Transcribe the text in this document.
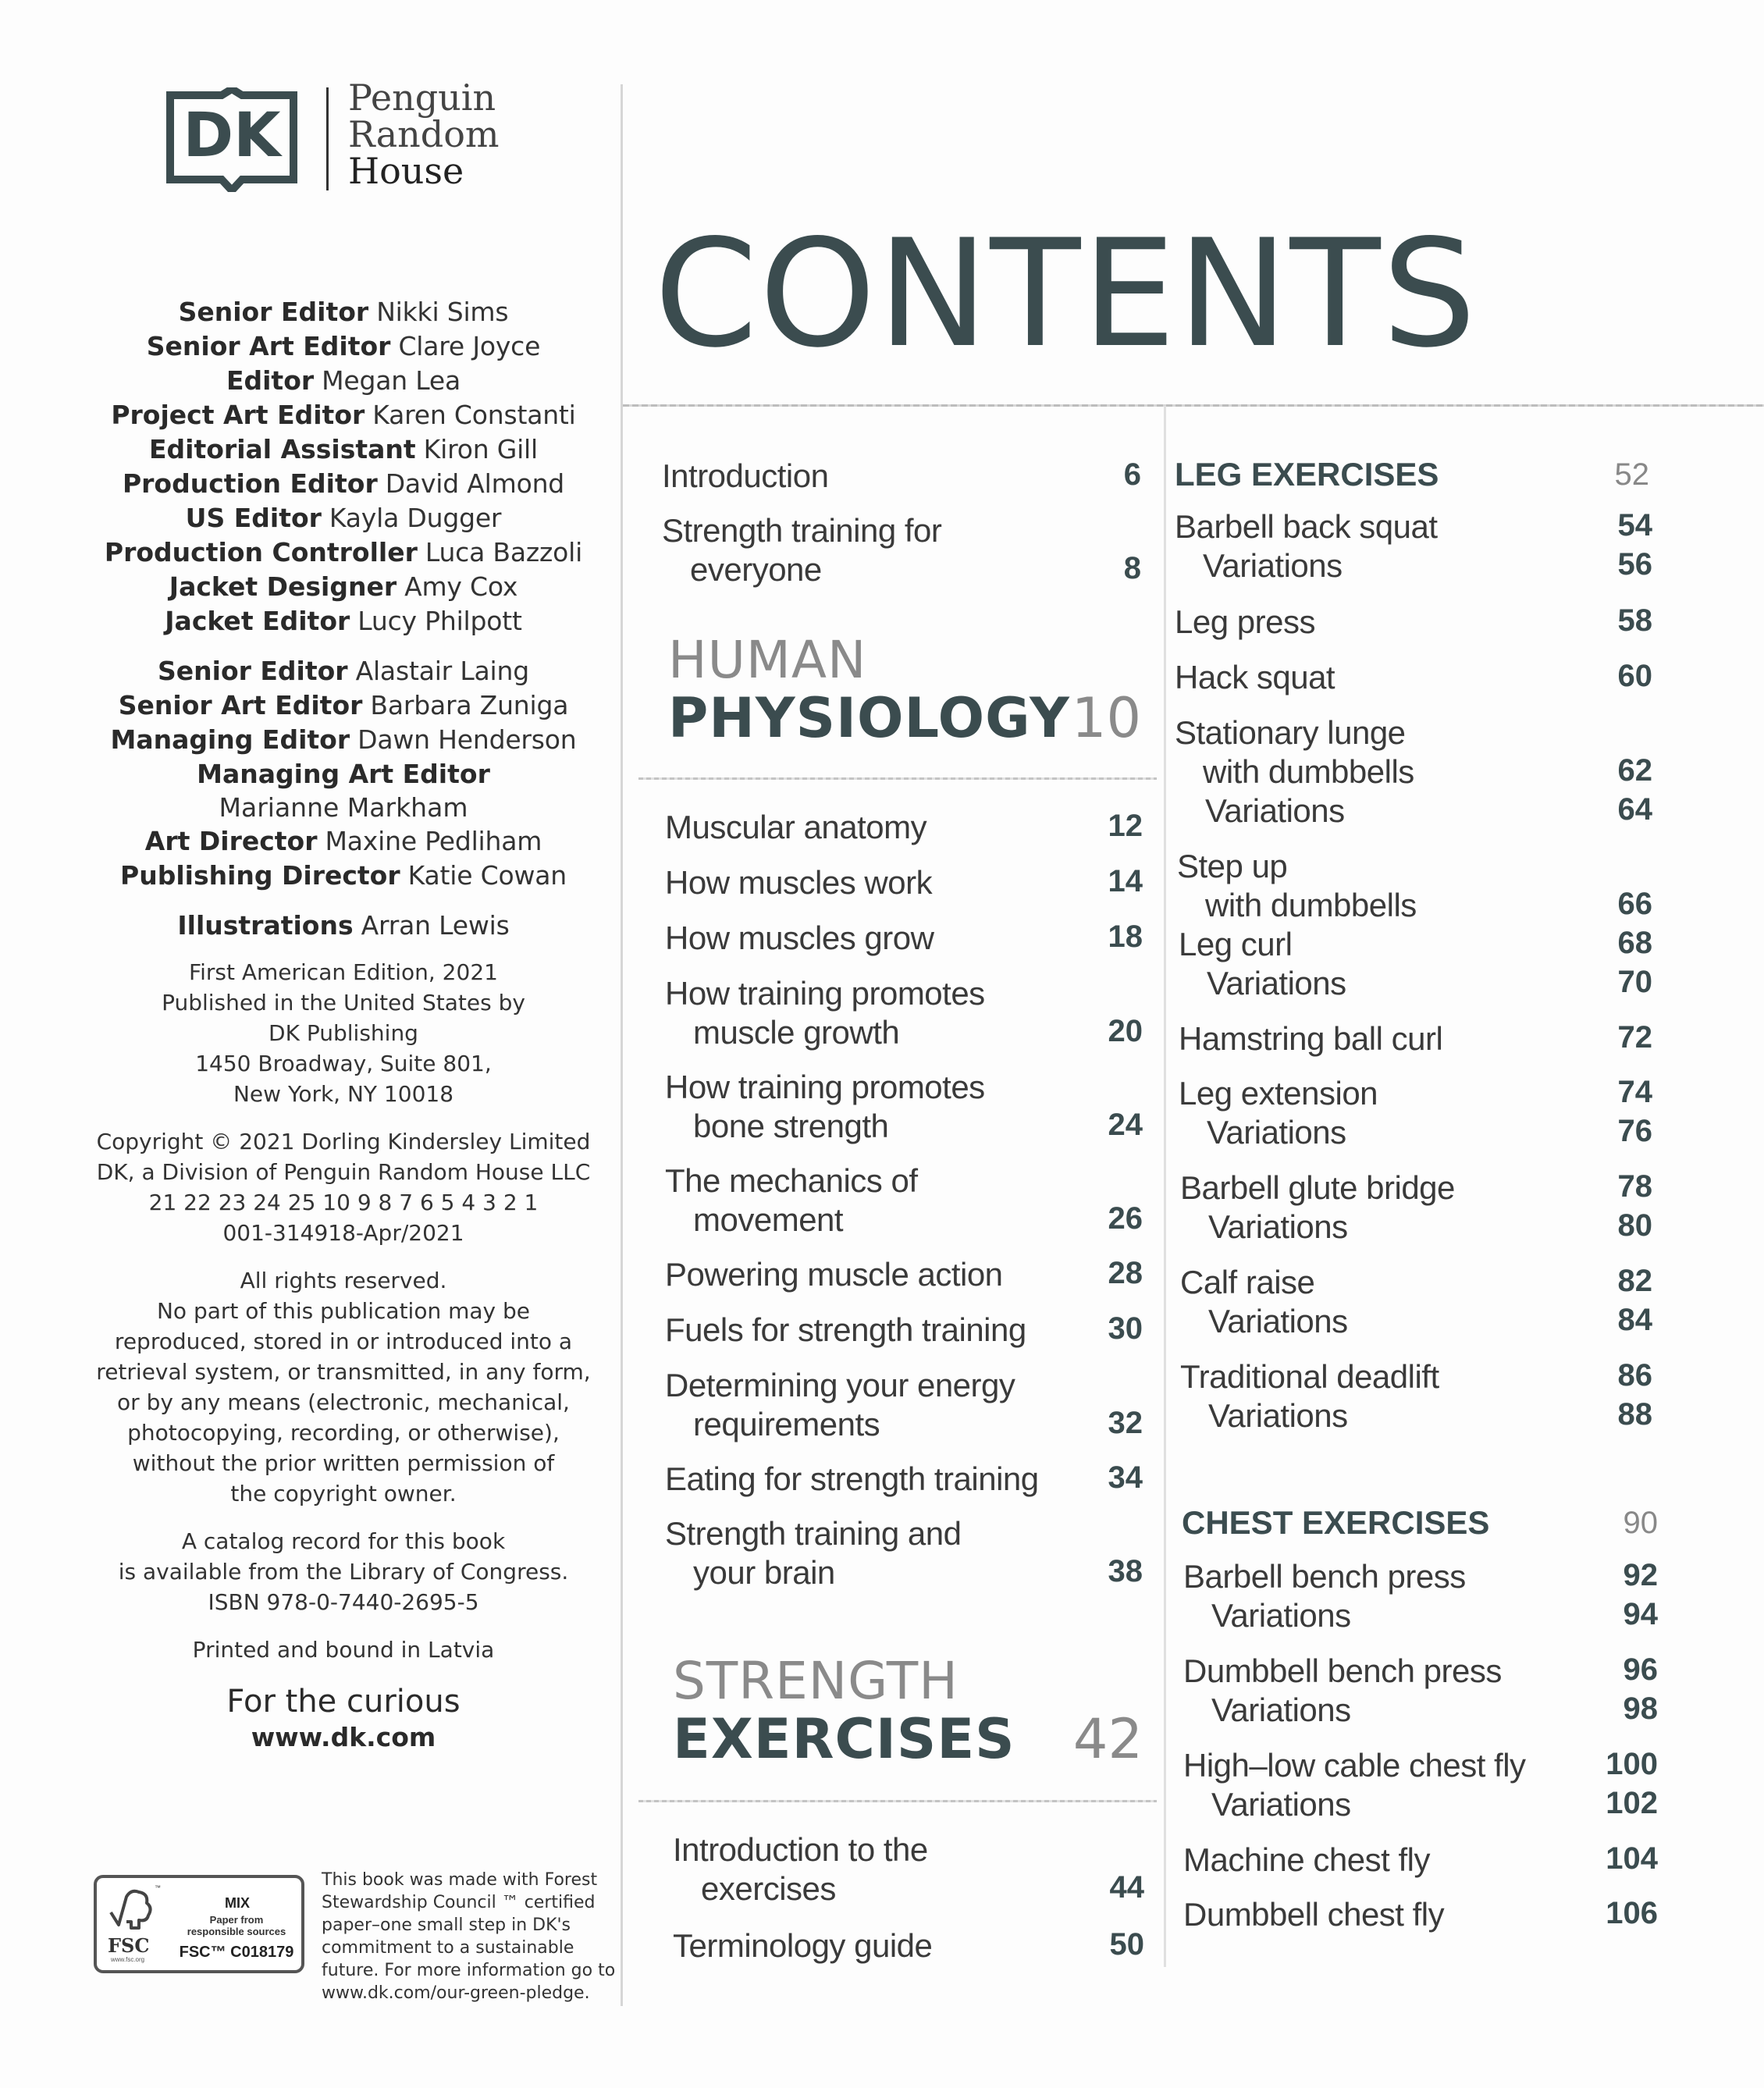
DK
Penguin
Random
House
Senior Editor Nikki Sims
Senior Art Editor Clare Joyce
Editor Megan Lea
Project Art Editor Karen Constanti
Editorial Assistant Kiron Gill
Production Editor David Almond
US Editor Kayla Dugger
Production Controller Luca Bazzoli
Jacket Designer Amy Cox
Jacket Editor Lucy Philpott
Senior Editor Alastair Laing
Senior Art Editor Barbara Zuniga
Managing Editor Dawn Henderson
Managing Art Editor
Marianne Markham
Art Director Maxine Pedliham
Publishing Director Katie Cowan
Illustrations Arran Lewis
First American Edition, 2021
Published in the United States by
DK Publishing
1450 Broadway, Suite 801,
New York, NY 10018
Copyright © 2021 Dorling Kindersley Limited
DK, a Division of Penguin Random House LLC
21 22 23 24 25 10 9 8 7 6 5 4 3 2 1
001-314918-Apr/2021
All rights reserved.
No part of this publication may be
reproduced, stored in or introduced into a
retrieval system, or transmitted, in any form,
or by any means (electronic, mechanical,
photocopying, recording, or otherwise),
without the prior written permission of
the copyright owner.
A catalog record for this book
is available from the Library of Congress.
ISBN 978-0-7440-2695-5
Printed and bound in Latvia
For the curious
www.dk.com
™
FSC
www.fsc.org
MIX
Paper from
responsible sources
FSC™ C018179
This book was made with Forest
Stewardship Council ™ certified
paper–one small step in DK's
commitment to a sustainable
future. For more information go to
www.dk.com/our-green-pledge.
CONTENTS
Introduction	6
Strength training for
everyone	8
HUMAN
PHYSIOLOGY 10
Muscular anatomy	12
How muscles work	14
How muscles grow	18
How training promotes
muscle growth	20
How training promotes
bone strength	24
The mechanics of
movement	26
Powering muscle action	28
Fuels for strength training	30
Determining your energy
requirements	32
Eating for strength training	34
Strength training and
your brain	38
STRENGTH
EXERCISES	42
Introduction to the
exercises	44
Terminology guide	50
LEG EXERCISES	52
Barbell back squat	54
Variations	56
Leg press	58
Hack squat	60
Stationary lunge
with dumbbells	62
Variations	64
Step up
with dumbbells	66
Leg curl	68
Variations	70
Hamstring ball curl	72
Leg extension	74
Variations	76
Barbell glute bridge	78
Variations	80
Calf raise	82
Variations	84
Traditional deadlift	86
Variations	88
CHEST EXERCISES	90
Barbell bench press	92
Variations	94
Dumbbell bench press	96
Variations	98
High–low cable chest fly	100
Variations	102
Machine chest fly	104
Dumbbell chest fly	106
